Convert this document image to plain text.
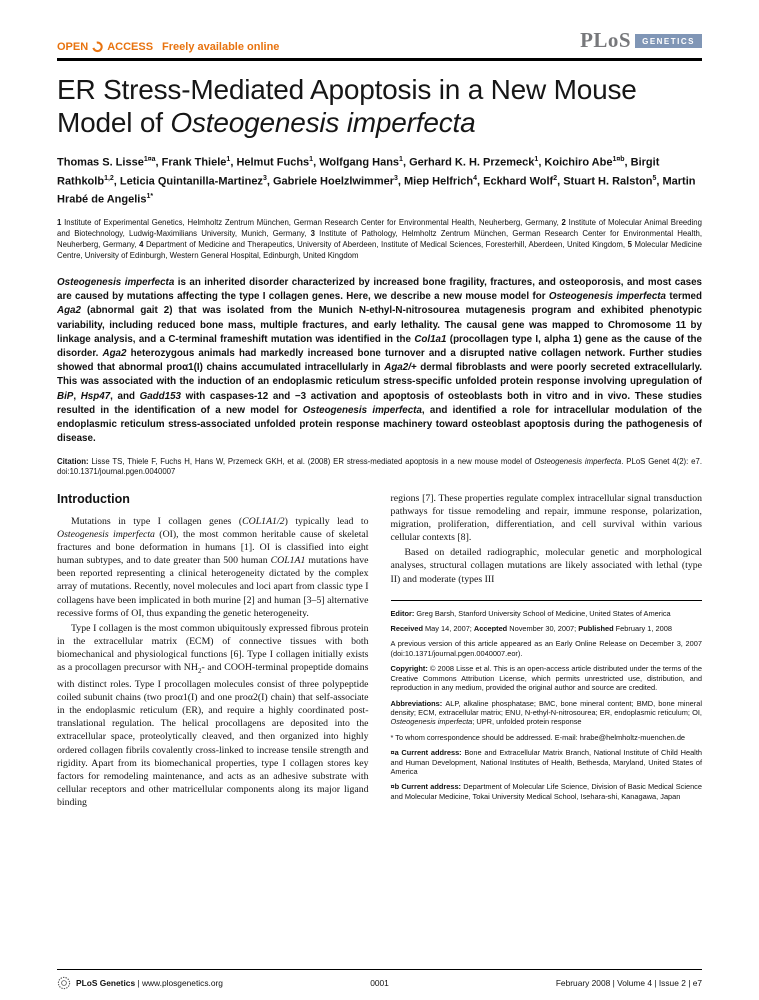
OPEN ACCESS Freely available online	PLoS	GENETICS
ER Stress-Mediated Apoptosis in a New Mouse Model of Osteogenesis imperfecta

Thomas S. Lisse$^{1¤a}$, Frank Thiele$^1$, Helmut Fuchs$^1$, Wolfgang Hans$^1$, Gerhard K. H. Przemeck$^1$, Koichiro Abe$^{1¤b}$, Birgit Rathkolb$^{1,2}$, Leticia Quintanilla-Martinez$^3$, Gabriele Hoelzlwimmer$^3$, Miep Helfrich$^4$, Eckhard Wolf$^2$, Stuart H. Ralston$^5$, Martin Hrabé de Angelis$^{1*}$

1 Institute of Experimental Genetics, Helmholtz Zentrum München, German Research Center for Environmental Health, Neuherberg, Germany, 2 Institute of Molecular Animal Breeding and Biotechnology, Ludwig-Maximilians University, Munich, Germany, 3 Institute of Pathology, Helmholtz Zentrum München, German Research Center for Environmental Health, Neuherberg, Germany, 4 Department of Medicine and Therapeutics, University of Aberdeen, Institute of Medical Sciences, Foresterhill, Aberdeen, United Kingdom, 5 Molecular Medicine Centre, University of Edinburgh, Western General Hospital, Edinburgh, United Kingdom

Osteogenesis imperfecta is an inherited disorder characterized by increased bone fragility, fractures, and osteoporosis, and most cases are caused by mutations affecting the type I collagen genes. Here, we describe a new mouse model for Osteogenesis imperfecta termed Aga2 (abnormal gait 2) that was isolated from the Munich N-ethyl-N-nitrosourea mutagenesis program and exhibited phenotypic variability, including reduced bone mass, multiple fractures, and early lethality. The causal gene was mapped to Chromosome 11 by linkage analysis, and a C-terminal frameshift mutation was identified in the Col1a1 (procollagen type I, alpha 1) gene as the cause of the disorder. Aga2 heterozygous animals had markedly increased bone turnover and a disrupted native collagen network. Further studies showed that abnormal proα1(I) chains accumulated intracellularly in Aga2/+ dermal fibroblasts and were poorly secreted extracellularly. This was associated with the induction of an endoplasmic reticulum stress-specific unfolded protein response involving upregulation of BiP, Hsp47, and Gadd153 with caspases-12 and −3 activation and apoptosis of osteoblasts both in vitro and in vivo. These studies resulted in the identification of a new model for Osteogenesis imperfecta, and identified a role for intracellular modulation of the endoplasmic reticulum stress-associated unfolded protein response machinery toward osteoblast apoptosis during the pathogenesis of disease.

Citation: Lisse TS, Thiele F, Fuchs H, Hans W, Przemeck GKH, et al. (2008) ER stress-mediated apoptosis in a new mouse model of Osteogenesis imperfecta. PLoS Genet 4(2): e7. doi:10.1371/journal.pgen.0040007

Introduction

Mutations in type I collagen genes (COL1A1/2) typically lead to Osteogenesis imperfecta (OI), the most common heritable cause of skeletal fractures and bone deformation in humans [1]. OI is classified into eight human subtypes, and to date greater than 500 human COL1A1 mutations have been reported representing a clinical heterogeneity dictated by the complex array of mutations. Recently, novel molecules and loci apart from classic type I collagens have been implicated in both murine [2] and human [3–5] alternative recessive forms of OI, thus expanding the genetic heterogeneity.

Type I collagen is the most common ubiquitously expressed fibrous protein in the extracellular matrix (ECM) of connective tissues with both biomechanical and physiological functions [6]. Type I collagen initially exists as a procollagen precursor with $NH_2-$ and COOH-terminal propeptide domains with distinct roles. Type I procollagen molecules consist of three polypeptide coiled subunit chains (two proα1(I) and one proα2(I) chain) that self-associate in the endoplasmic reticulum (ER), and require a highly coordinated post-translational regulation. The helical procollagens are deposited into the extracellular space, proteolytically cleaved, and then organized into highly ordered collagen fibrils covalently cross-linked to increase tensile strength and rigidity. Apart from its biomechanical properties, type I collagen stores key factors for remodeling maintenance, and acts as an adhesive substrate with cellular receptors and other matricellular components along its major ligand binding

regions [7]. These properties regulate complex intracellular signal transduction pathways for tissue remodeling and repair, immune response, polarization, migration, proliferation, differentiation, and cell survival within various cellular contexts [8].

Based on detailed radiographic, molecular genetic and morphological analyses, structural collagen mutations are likely associated with lethal (type II) and moderate (types III

Editor: Greg Barsh, Stanford University School of Medicine, United States of America

Received May 14, 2007; Accepted November 30, 2007; Published February 1, 2008

A previous version of this article appeared as an Early Online Release on December 3, 2007 (doi:10.1371/journal.pgen.0040007.eor).

Copyright: © 2008 Lisse et al. This is an open-access article distributed under the terms of the Creative Commons Attribution License, which permits unrestricted use, distribution, and reproduction in any medium, provided the original author and source are credited.

Abbreviations: ALP, alkaline phosphatase; BMC, bone mineral content; BMD, bone mineral density; ECM, extracellular matrix; ENU, N-ethyl-N-nitrosourea; ER, endoplasmic reticulum; OI, Osteogenesis imperfecta; UPR, unfolded protein response

* To whom correspondence should be addressed. E-mail: hrabe@helmholtz-muenchen.de

¤a Current address: Bone and Extracellular Matrix Branch, National Institute of Child Health and Human Development, National Institutes of Health, Bethesda, Maryland, United States of America

¤b Current address: Department of Molecular Life Science, Division of Basic Medical Science and Molecular Medicine, Tokai University Medical School, Isehara-shi, Kanagawa, Japan

PLoS Genetics | www.plosgenetics.org	0001	February 2008 | Volume 4 | Issue 2 | e7
